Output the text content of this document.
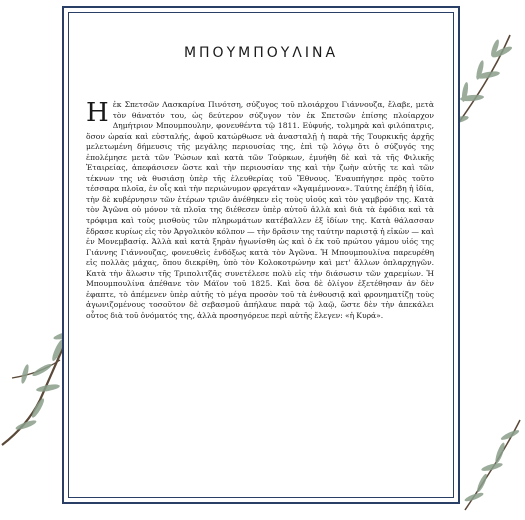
ΜΠΟΥΜΠΟΥΛΙΝΑ
Η ἐκ Σπετσῶν Λασκαρίνα Πινότση, σύζυγος τοῦ πλοιάρχου Γιάννουζα, ἔλαβε, μετὰ τὸν θάνατόν του, ὡς δεύτερον σύζυγον τὸν ἐκ Σπετσῶν ἐπίσης πλοίαρχον Δημήτριον Μπουμπουλην, φονευθέντα τῷ 1811. Εὐφυής, τολμηρὰ καὶ φιλόπατρις, ὅσον ὡραία καὶ εὐσταλής, ἀφοῦ κατώρθωσε νὰ ἀνασταλῇ ἡ παρὰ τῆς Τουρκικῆς ἀρχῆς μελετωμένη δήμευσις τῆς μεγάλης περιουσίας της, ἐπὶ τῷ λόγῳ ὅτι ὁ σύζυγός της ἐπολέμησε μετὰ τῶν Ῥώσων καὶ κατὰ τῶν Τούρκων, ἐμυήθη δὲ καὶ τὰ τῆς Φιλικῆς Ἑταιρείας, ἀπεφάσισεν ὥστε καὶ τὴν περιουσίαν της καὶ τὴν ζωὴν αὐτῆς τε καὶ τῶν τέκνων της νὰ θυσιάσῃ ὑπὲρ τῆς ἐλευθερίας τοῦ Ἔθνους. Ἐναυπήγησε πρὸς τοῦτο τέσσαρα πλοῖα, ἐν οἷς καὶ τὴν περιώνυμον φρεγάταν «Ἀγαμέμνονα». Ταύτης ἐπέβη ἡ ἰδία, τὴν δὲ κυβέρνησιν τῶν ἑτέρων τριῶν ἀνέθηκεν εἰς τοὺς υἱούς καὶ τὸν γαμβρόν της. Κατὰ τὸν Ἀγῶνα οὐ μόνον τὰ πλοῖα της διέθεσεν ὑπὲρ αὐτοῦ ἀλλὰ καὶ διὰ τὰ ἐφόδια καὶ τὰ τρόφιμα καὶ τοὺς μισθοὺς τῶν πληρωμάτων κατέβαλλεν ἐξ ἰδίων της. Κατὰ θάλασσαν ἔδρασε κυρίως εἰς τὸν Ἀργολικὸν κόλπον — τὴν δρᾶσιν της ταύτην παριστᾷ ἡ εἰκὼν — καὶ ἐν Μονεμβασίᾳ. Ἀλλὰ καὶ κατὰ ξηρὰν ἠγωνίσθη ὡς καὶ ὁ ἐκ τοῦ πρώτου γάμου υἱός της Γιάννης Γιάννουζας, φονευθεὶς ἐνδόξως κατὰ τὸν Ἀγῶνα. Ἡ Μπουμπουλίνα παρευρέθη εἰς πολλὰς μάχας, ὅπου διεκρίθη, ὑπὸ τὸν Κολοκοτρώνην καὶ μετ' ἄλλων ὁπλαρχηγῶν. Κατὰ τὴν ἅλωσιν τῆς Τριπολιτζᾶς συνετέλεσε πολὺ εἰς τὴν διάσωσιν τῶν χαρεμίων. Ἡ Μπουμπουλίνα ἀπέθανε τὸν Μάϊον τοῦ 1825. Καὶ ὅσα δὲ ὀλίγον ἐξετέθησαν ἀν δὲν ἐφαπτε, τὸ ἀπέμενεν ὑπὲρ αὐτῆς τὸ μέγα προσὸν τοῦ τὰ ἐνθουσιᾷ καὶ φρονηματίζῃ τοὺς ἀγωνιζομένους τοσοῦτον δὲ σεβασμοῦ ἀπήλαυε παρὰ τῷ λαῷ, ὥστε δὲν τὴν ἀπεκάλει οὗτος διὰ τοῦ ὀνόματός της, ἀλλὰ προσηγόρευε περὶ αὐτῆς ἔλεγεν: «ἡ Κυρά».
